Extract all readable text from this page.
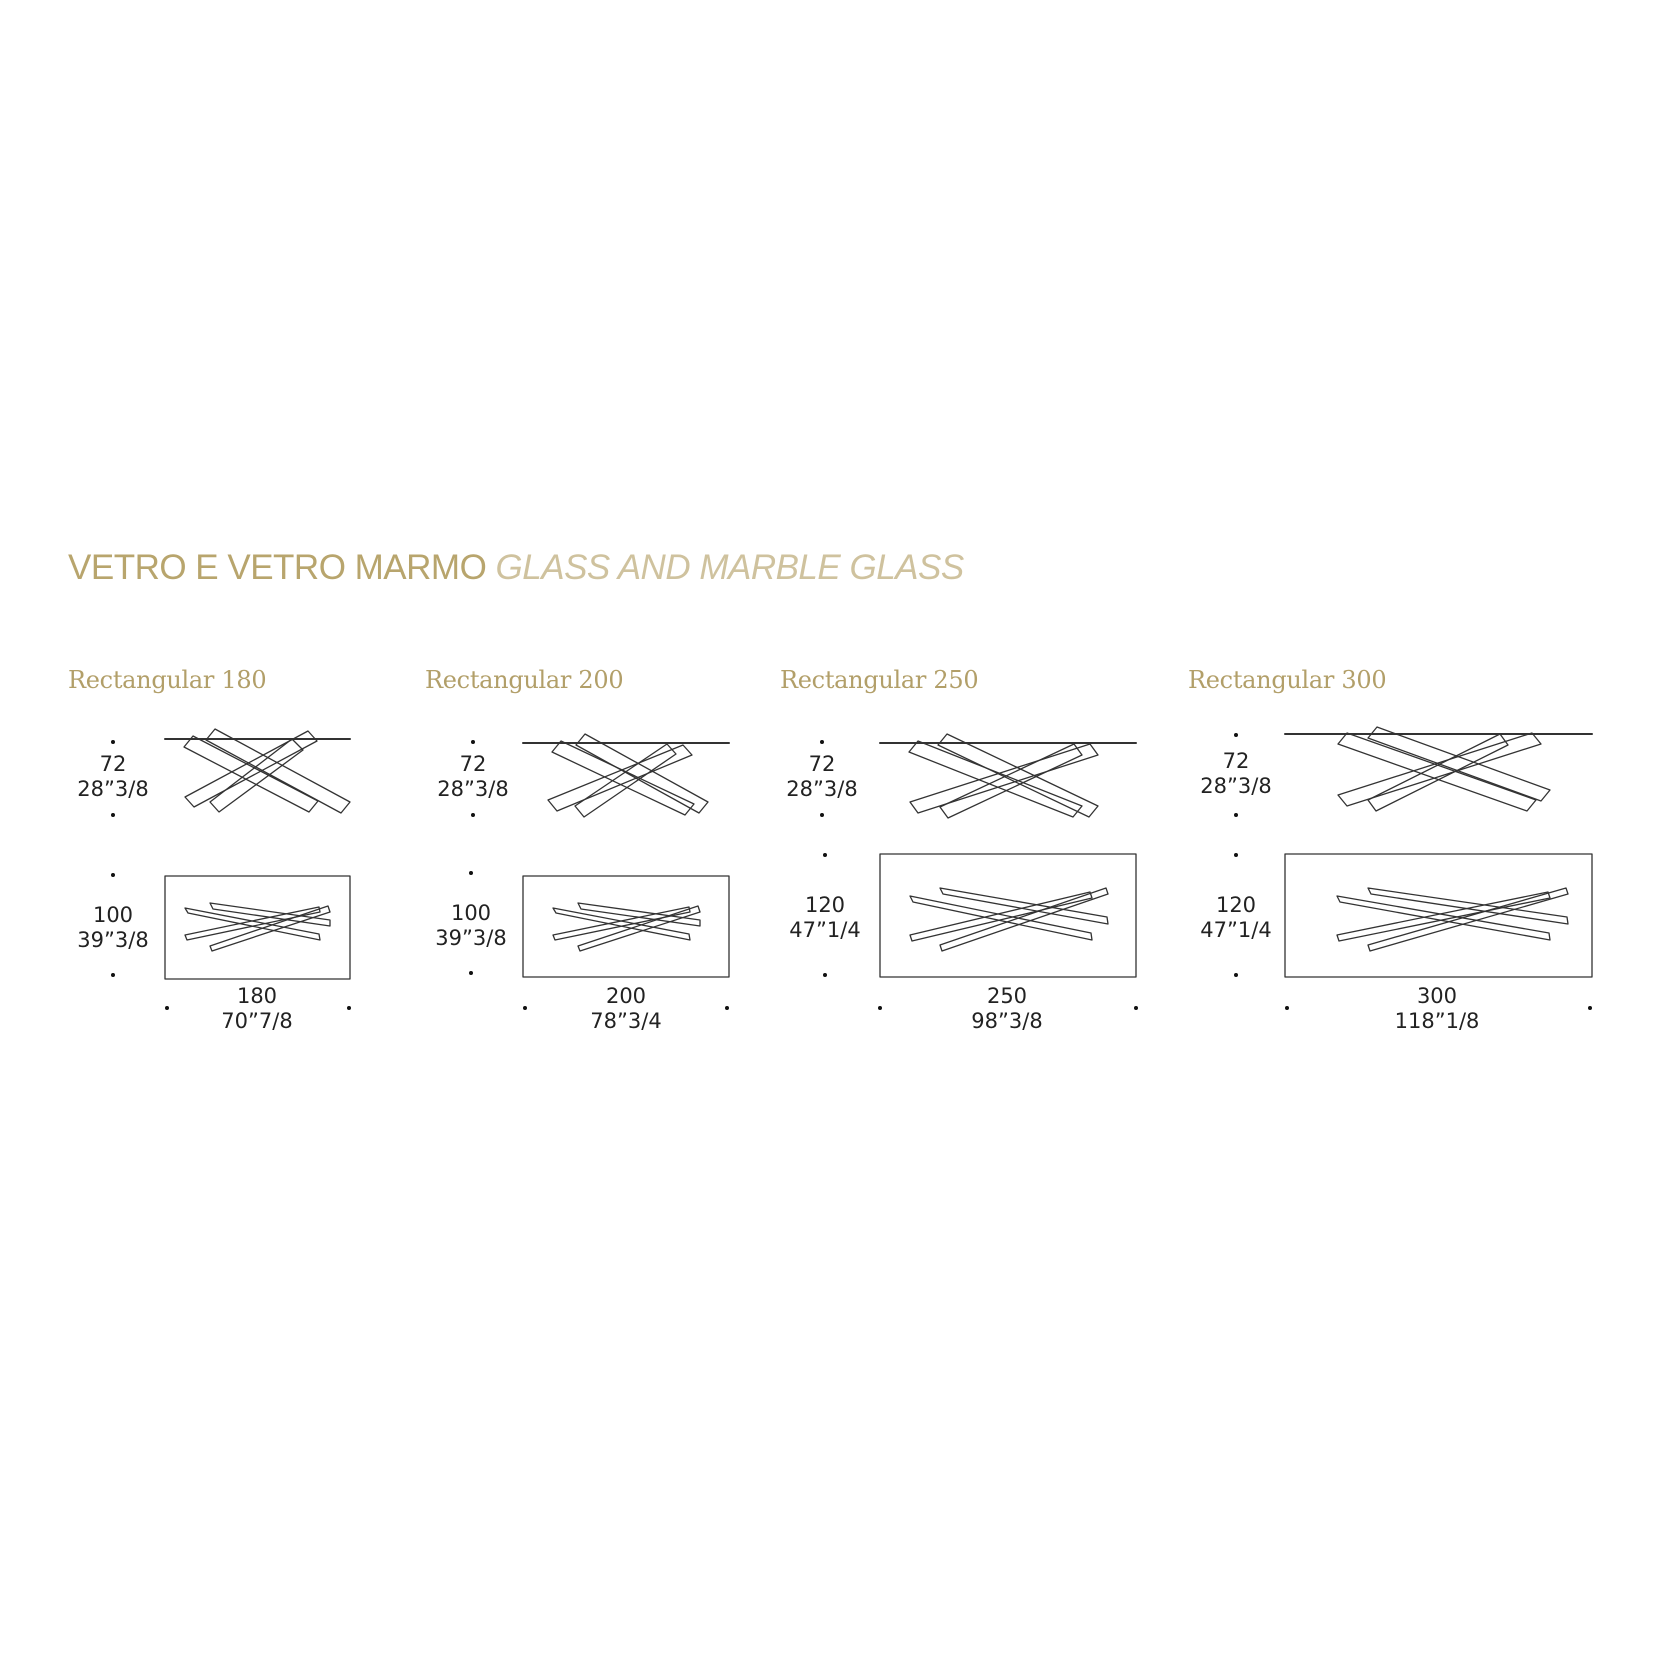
VETRO E VETRO MARMO GLASS AND MARBLE GLASS
Rectangular 180	Rectangular 200	Rectangular 250	Rectangular 300
72
28”3/8
100
39”3/8
180
70”7/8
72
28”3/8
100
39”3/8
200
78”3/4
72
28”3/8
120
47”1/4
250
98”3/8
72
28”3/8
120
47”1/4
300
118”1/8
